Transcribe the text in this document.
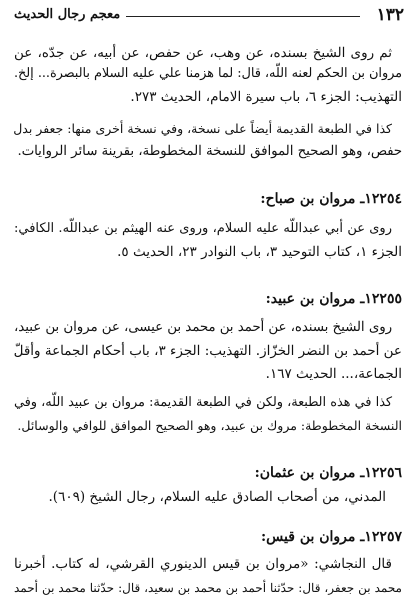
١٣٢
معجم رجال الحديث
ثم روى الشيخ بسنده، عن وهب، عن حفص، عن أبيه، عن جدّه، عن
مروان بن الحكم لعنه اللّه، قال: لما هزمنا علي عليه السلام بالبصرة... إلخ.
التهذيب: الجزء ٦، باب سيرة الامام، الحديث ٢٧٣.
كذا في الطبعة القديمة أيضاً على نسخة، وفي نسخة أخرى منها: جعفر بدل
حفص، وهو الصحيح الموافق للنسخة المخطوطة، بقرينة سائر الروايات.
١٢٢٥٤ـ مروان بن صباح:
روى عن أبي عبداللّه عليه السلام، وروى عنه الهيثم بن عبداللّه. الكافي:
الجزء ١، كتاب التوحيد ٣، باب النوادر ٢٣، الحديث ٥.
١٢٢٥٥ـ مروان بن عبيد:
روى الشيخ بسنده، عن أحمد بن محمد بن عيسى، عن مروان بن عبيد،
عن أحمد بن النضر الخزّاز. التهذيب: الجزء ٣، باب أحكام الجماعة وأقلّ
الجماعة،... الحديث ١٦٧.
كذا في هذه الطبعة، ولكن في الطبعة القديمة: مروان بن عبيد اللّه، وفي
النسخة المخطوطة: مروك بن عبيد، وهو الصحيح الموافق للوافي والوسائل.
١٢٢٥٦ـ مروان بن عثمان:
المدني، من أصحاب الصادق عليه السلام، رجال الشيخ (٦٠٩).
١٢٢٥٧ـ مروان بن قيس:
قال النجاشي: «مروان بن قيس الدينوري القرشي، له كتاب. أخبرنا
محمد بن جعفر، قال: حدّثنا أحمد بن محمد بن سعيد، قال: حدّثنا محمد بن أحمد
